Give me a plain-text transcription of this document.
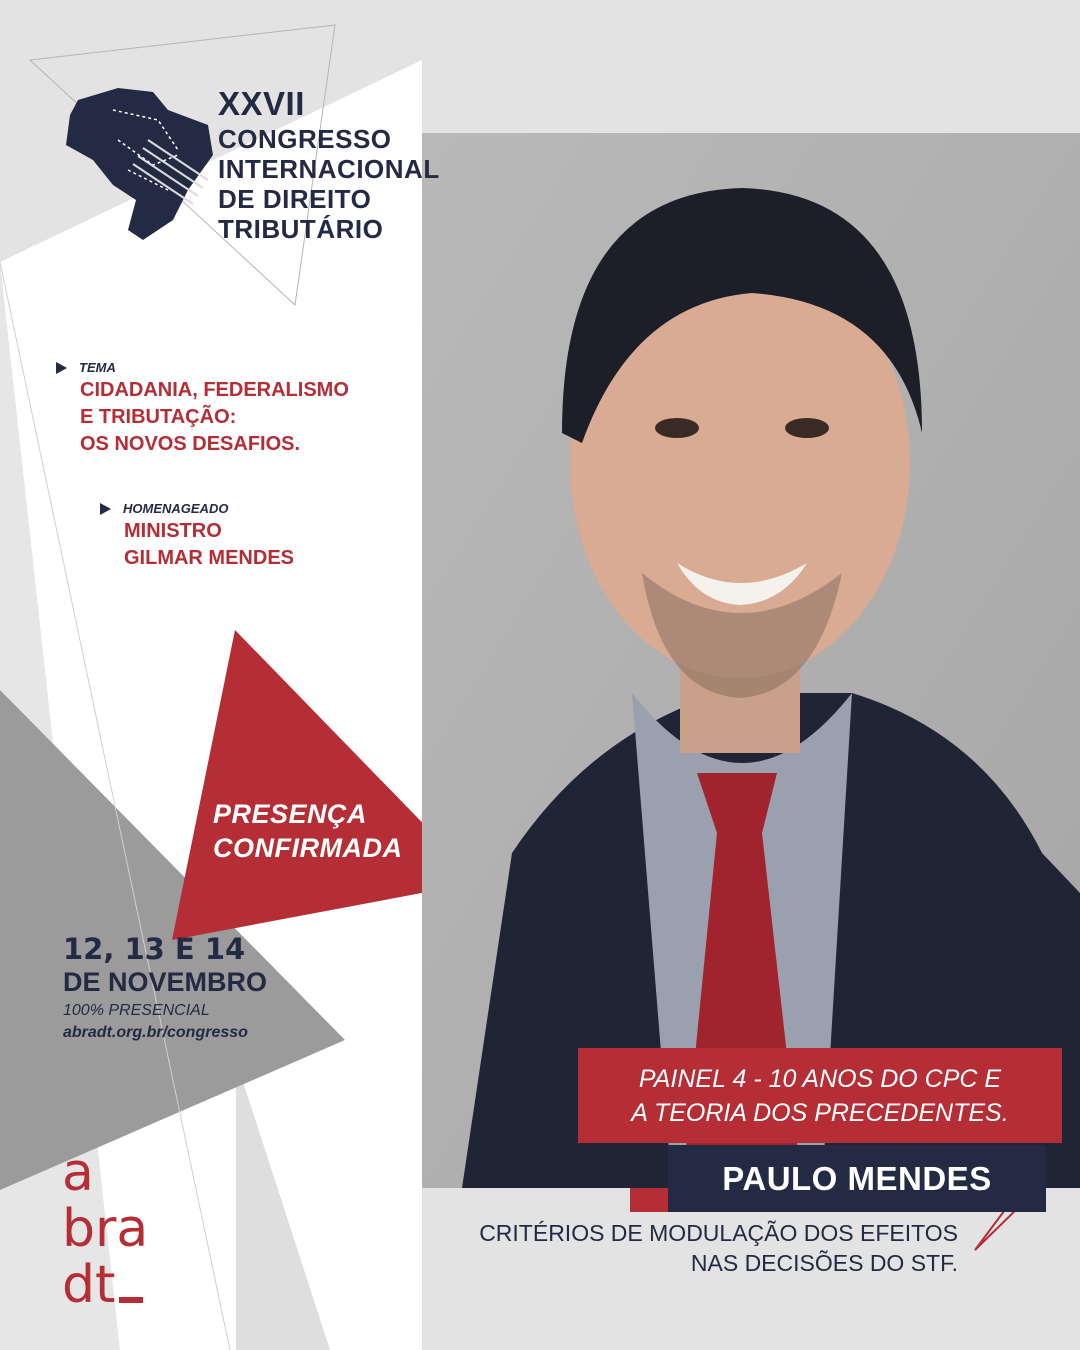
XXVII
CONGRESSO
INTERNACIONAL
DE DIREITO
TRIBUTÁRIO
TEMA
CIDADANIA, FEDERALISMO
E TRIBUTAÇÃO:
OS NOVOS DESAFIOS.
HOMENAGEADO
MINISTRO
GILMAR MENDES
PRESENÇA
CONFIRMADA
12, 13 E 14
DE NOVEMBRO
100% PRESENCIAL
abradt.org.br/congresso
a
bra
dt
PAINEL 4 - 10 ANOS DO CPC E
A TEORIA DOS PRECEDENTES.
PAULO MENDES
CRITÉRIOS DE MODULAÇÃO DOS EFEITOS
NAS DECISÕES DO STF.
